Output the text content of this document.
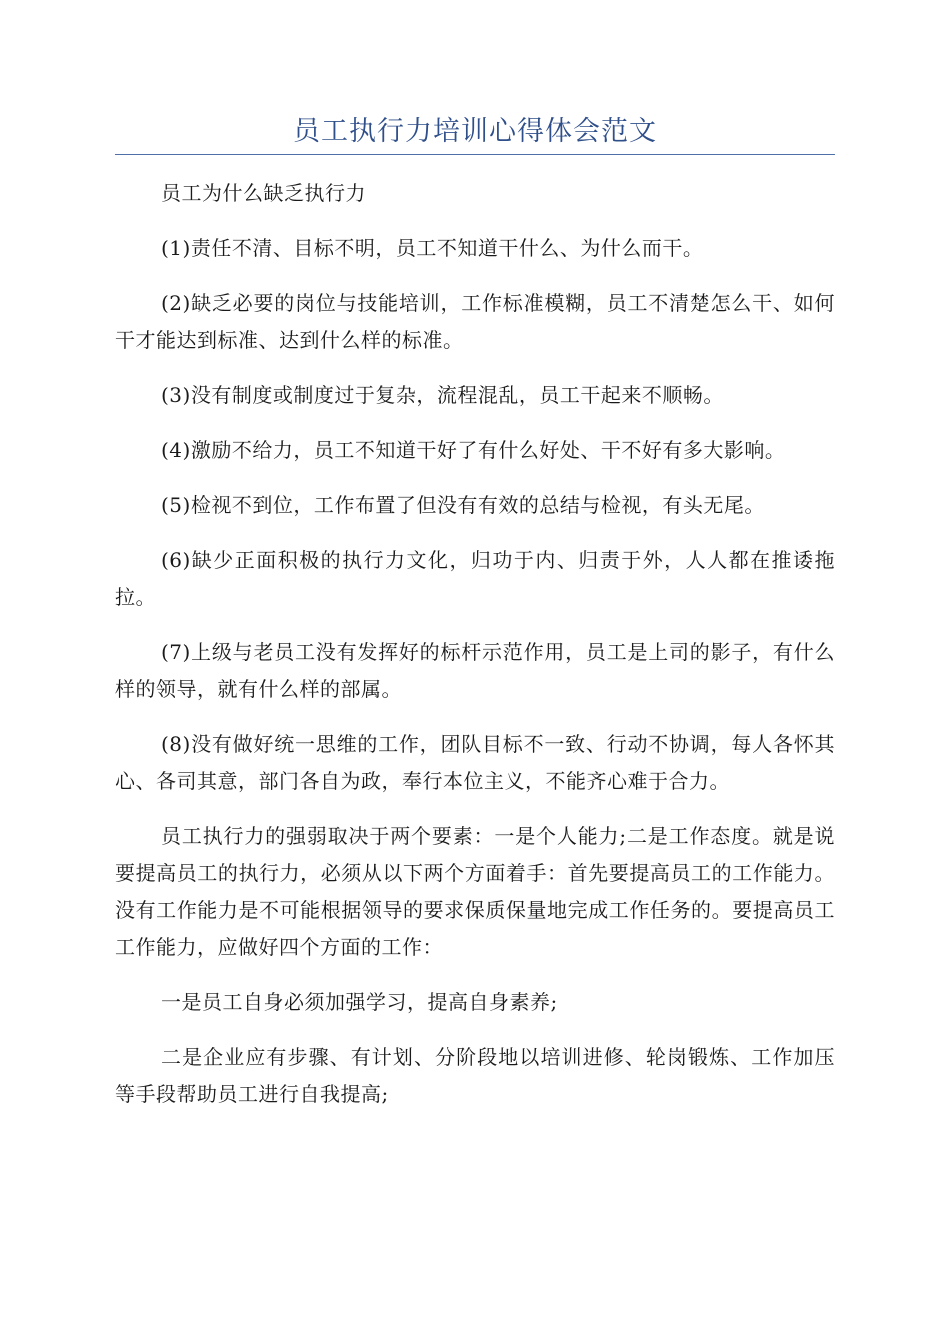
员工执行力培训心得体会范文

员工为什么缺乏执行力

(1)责任不清、目标不明，员工不知道干什么、为什么而干。

(2)缺乏必要的岗位与技能培训，工作标准模糊，员工不清楚怎么干、如何干才能达到标准、达到什么样的标准。

(3)没有制度或制度过于复杂，流程混乱，员工干起来不顺畅。

(4)激励不给力，员工不知道干好了有什么好处、干不好有多大影响。

(5)检视不到位，工作布置了但没有有效的总结与检视，有头无尾。

(6)缺少正面积极的执行力文化，归功于内、归责于外，人人都在推诿拖拉。

(7)上级与老员工没有发挥好的标杆示范作用，员工是上司的影子，有什么样的领导，就有什么样的部属。

(8)没有做好统一思维的工作，团队目标不一致、行动不协调，每人各怀其心、各司其意，部门各自为政，奉行本位主义，不能齐心难于合力。

员工执行力的强弱取决于两个要素：一是个人能力;二是工作态度。就是说要提高员工的执行力，必须从以下两个方面着手：首先要提高员工的工作能力。没有工作能力是不可能根据领导的要求保质保量地完成工作任务的。要提高员工工作能力，应做好四个方面的工作：

一是员工自身必须加强学习，提高自身素养;

二是企业应有步骤、有计划、分阶段地以培训进修、轮岗锻炼、工作加压等手段帮助员工进行自我提高;
